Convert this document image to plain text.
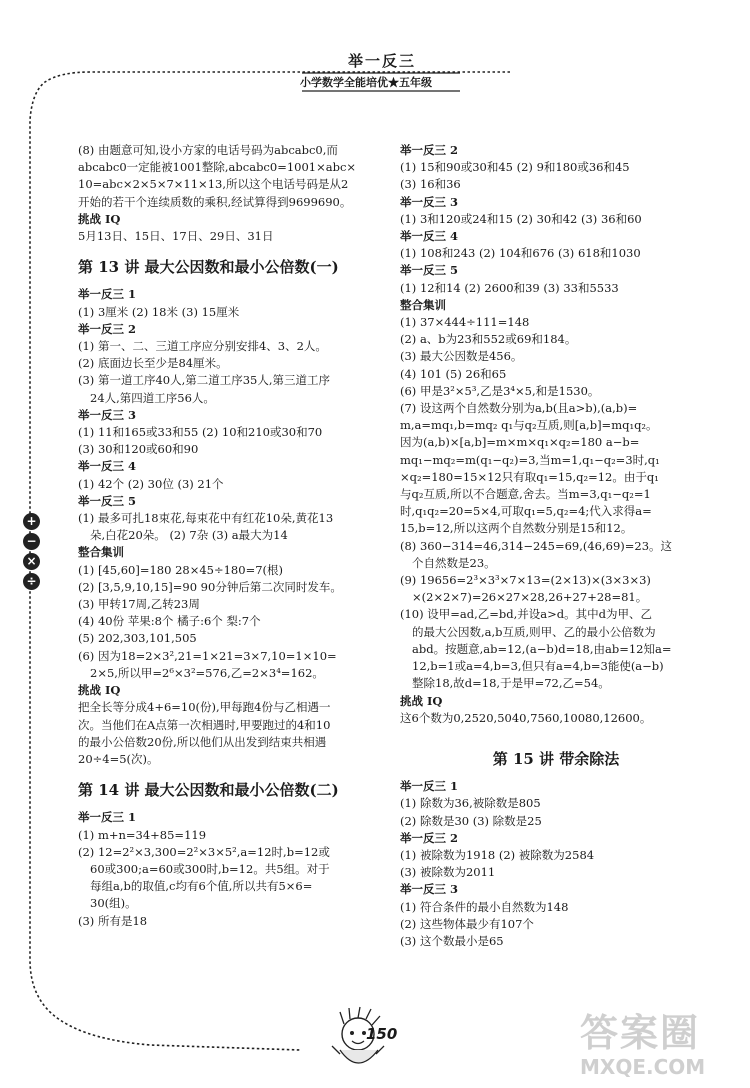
举一反三
小学数学全能培优★五年级
+
−
×
÷
(8) 由题意可知,设小方家的电话号码为abcabc0,而
abcabc0一定能被1001整除,abcabc0=1001×abc×
10=abc×2×5×7×11×13,所以这个电话号码是从2
开始的若干个连续质数的乘积,经试算得到9699690。
挑战 IQ
5月13日、15日、17日、29日、31日
第 13 讲 最大公因数和最小公倍数(一)
举一反三 1
(1) 3厘米 (2) 18米 (3) 15厘米
举一反三 2
(1) 第一、二、三道工序应分别安排4、3、2人。
(2) 底面边长至少是84厘米。
(3) 第一道工序40人,第二道工序35人,第三道工序
24人,第四道工序56人。
举一反三 3
(1) 11和165或33和55 (2) 10和210或30和70
(3) 30和120或60和90
举一反三 4
(1) 42个 (2) 30位 (3) 21个
举一反三 5
(1) 最多可扎18束花,每束花中有红花10朵,黄花13
朵,白花20朵。 (2) 7杂 (3) a最大为14
整合集训
(1) [45,60]=180 28×45÷180=7(根)
(2) [3,5,9,10,15]=90 90分钟后第二次同时发车。
(3) 甲转17周,乙转23周
(4) 40份 苹果:8个 橘子:6个 梨:7个
(5) 202,303,101,505
(6) 因为18=2×3²,21=1×21=3×7,10=1×10=
2×5,所以甲=2⁶×3²=576,乙=2×3⁴=162。
挑战 IQ
把全长等分成4+6=10(份),甲每跑4份与乙相遇一
次。当他们在A点第一次相遇时,甲要跑过的4和10
的最小公倍数20份,所以他们从出发到结束共相遇
20÷4=5(次)。
第 14 讲 最大公因数和最小公倍数(二)
举一反三 1
(1) m+n=34+85=119
(2) 12=2²×3,300=2²×3×5²,a=12时,b=12或
60或300;a=60或300时,b=12。共5组。对于
每组a,b的取值,c均有6个值,所以共有5×6=
30(组)。
(3) 所有是18
举一反三 2
(1) 15和90或30和45 (2) 9和180或36和45
(3) 16和36
举一反三 3
(1) 3和120或24和15 (2) 30和42 (3) 36和60
举一反三 4
(1) 108和243 (2) 104和676 (3) 618和1030
举一反三 5
(1) 12和14 (2) 2600和39 (3) 33和5533
整合集训
(1) 37×444÷111=148
(2) a、b为23和552或69和184。
(3) 最大公因数是456。
(4) 101 (5) 26和65
(6) 甲是3²×5³,乙是3⁴×5,和是1530。
(7) 设这两个自然数分别为a,b(且a>b),(a,b)=
m,a=mq₁,b=mq₂ q₁与q₂互质,则[a,b]=mq₁q₂。
因为(a,b)×[a,b]=m×m×q₁×q₂=180 a−b=
mq₁−mq₂=m(q₁−q₂)=3,当m=1,q₁−q₂=3时,q₁
×q₂=180=15×12只有取q₁=15,q₂=12。由于q₁
与q₂互质,所以不合题意,舍去。当m=3,q₁−q₂=1
时,q₁q₂=20=5×4,可取q₁=5,q₂=4;代入求得a=
15,b=12,所以这两个自然数分别是15和12。
(8) 360−314=46,314−245=69,(46,69)=23。这
个自然数是23。
(9) 19656=2³×3³×7×13=(2×13)×(3×3×3)
×(2×2×7)=26×27×28,26+27+28=81。
(10) 设甲=ad,乙=bd,并设a>d。其中d为甲、乙
的最大公因数,a,b互质,则甲、乙的最小公倍数为
abd。按题意,ab=12,(a−b)d=18,由ab=12知a=
12,b=1或a=4,b=3,但只有a=4,b=3能使(a−b)
整除18,故d=18,于是甲=72,乙=54。
挑战 IQ
这6个数为0,2520,5040,7560,10080,12600。
第 15 讲 带余除法
举一反三 1
(1) 除数为36,被除数是805
(2) 除数是30 (3) 除数是25
举一反三 2
(1) 被除数为1918 (2) 被除数为2584
(3) 被除数为2011
举一反三 3
(1) 符合条件的最小自然数为148
(2) 这些物体最少有107个
(3) 这个数最小是65
150	答案圈
MXQE.COM
